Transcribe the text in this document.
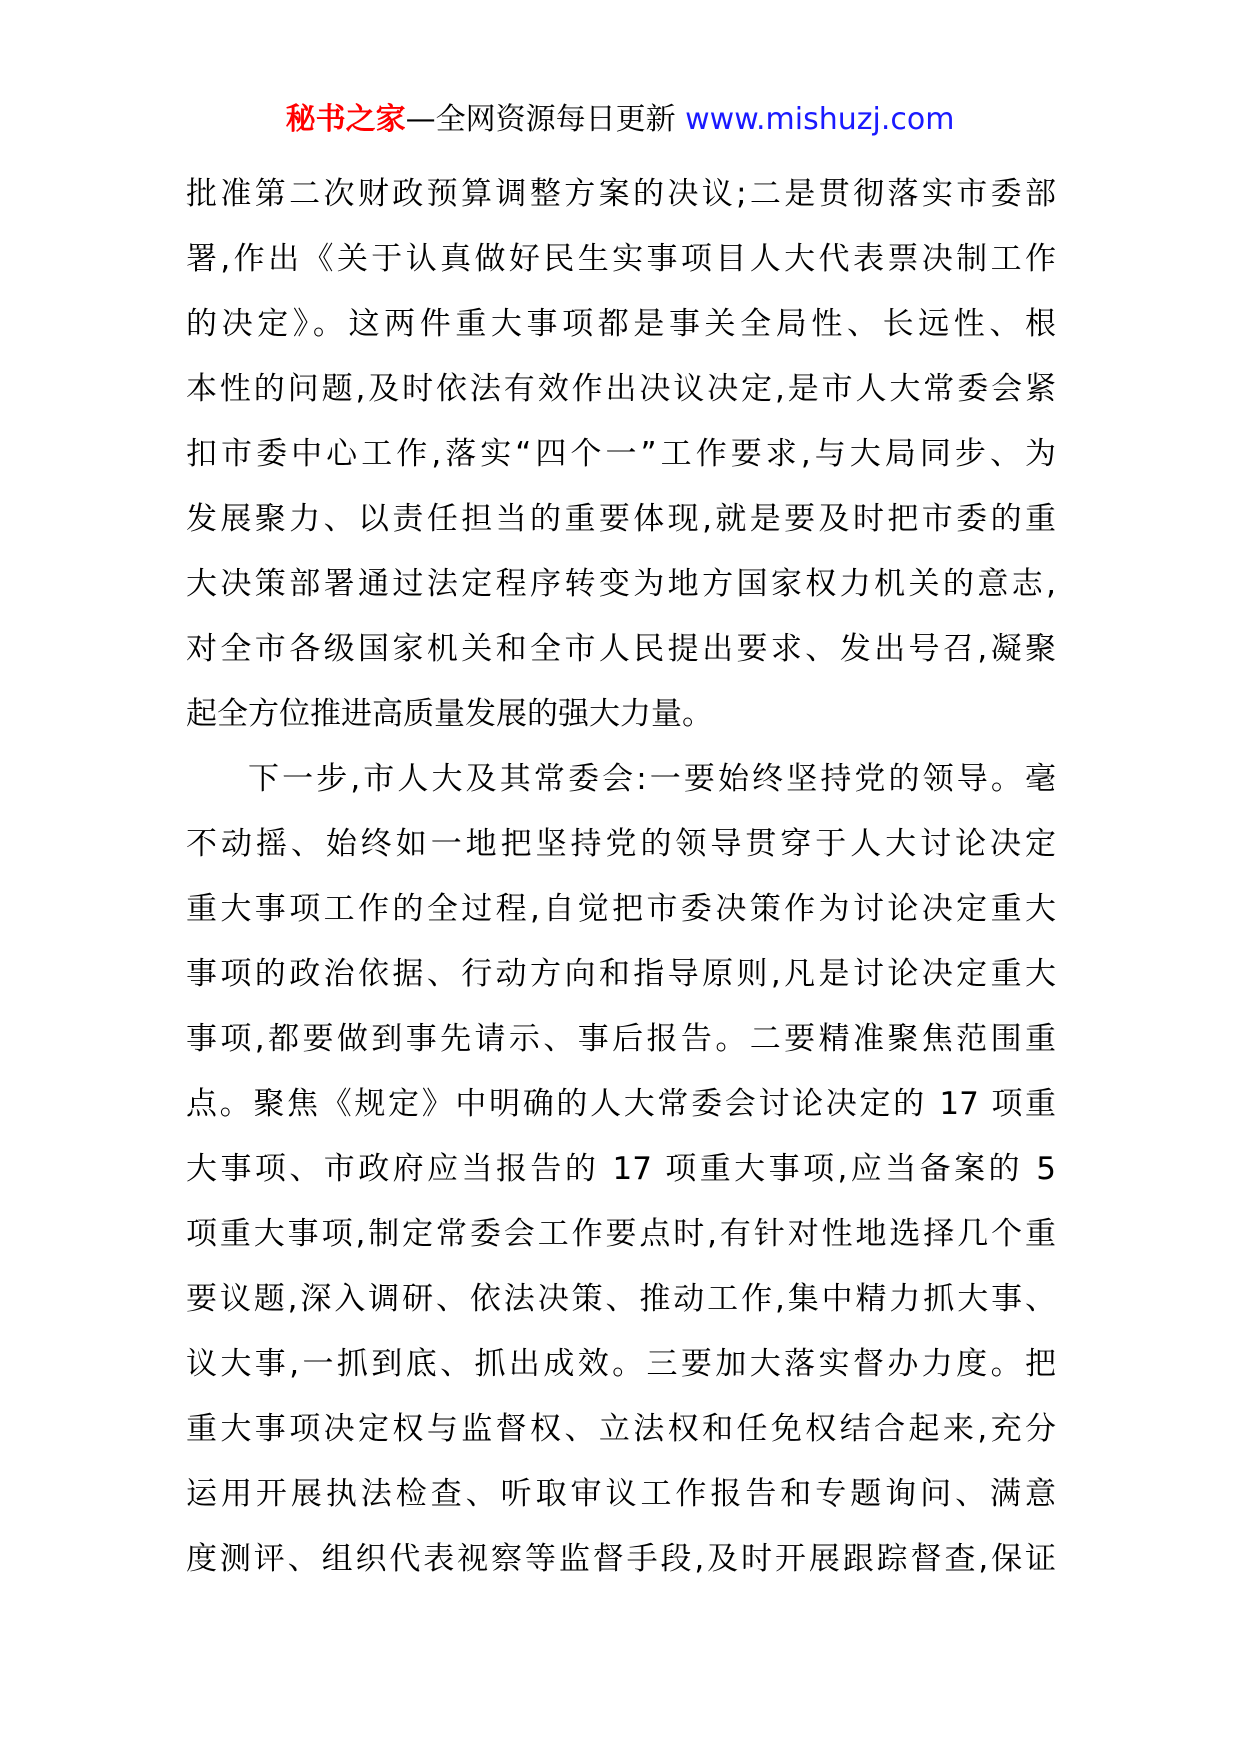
秘书之家—全网资源每日更新 www.mishuzj.com
批准第二次财政预算调整方案的决议;二是贯彻落实市委部
署,作出《关于认真做好民生实事项目人大代表票决制工作
的决定》。这两件重大事项都是事关全局性、长远性、根
本性的问题,及时依法有效作出决议决定,是市人大常委会紧
扣市委中心工作,落实“四个一”工作要求,与大局同步、为
发展聚力、以责任担当的重要体现,就是要及时把市委的重
大决策部署通过法定程序转变为地方国家权力机关的意志,
对全市各级国家机关和全市人民提出要求、发出号召,凝聚
起全方位推进高质量发展的强大力量。
下一步,市人大及其常委会:一要始终坚持党的领导。毫
不动摇、始终如一地把坚持党的领导贯穿于人大讨论决定
重大事项工作的全过程,自觉把市委决策作为讨论决定重大
事项的政治依据、行动方向和指导原则,凡是讨论决定重大
事项,都要做到事先请示、事后报告。二要精准聚焦范围重
点。聚焦《规定》中明确的人大常委会讨论决定的 17 项重
大事项、市政府应当报告的 17 项重大事项,应当备案的 5
项重大事项,制定常委会工作要点时,有针对性地选择几个重
要议题,深入调研、依法决策、推动工作,集中精力抓大事、
议大事,一抓到底、抓出成效。三要加大落实督办力度。把
重大事项决定权与监督权、立法权和任免权结合起来,充分
运用开展执法检查、听取审议工作报告和专题询问、满意
度测评、组织代表视察等监督手段,及时开展跟踪督查,保证
